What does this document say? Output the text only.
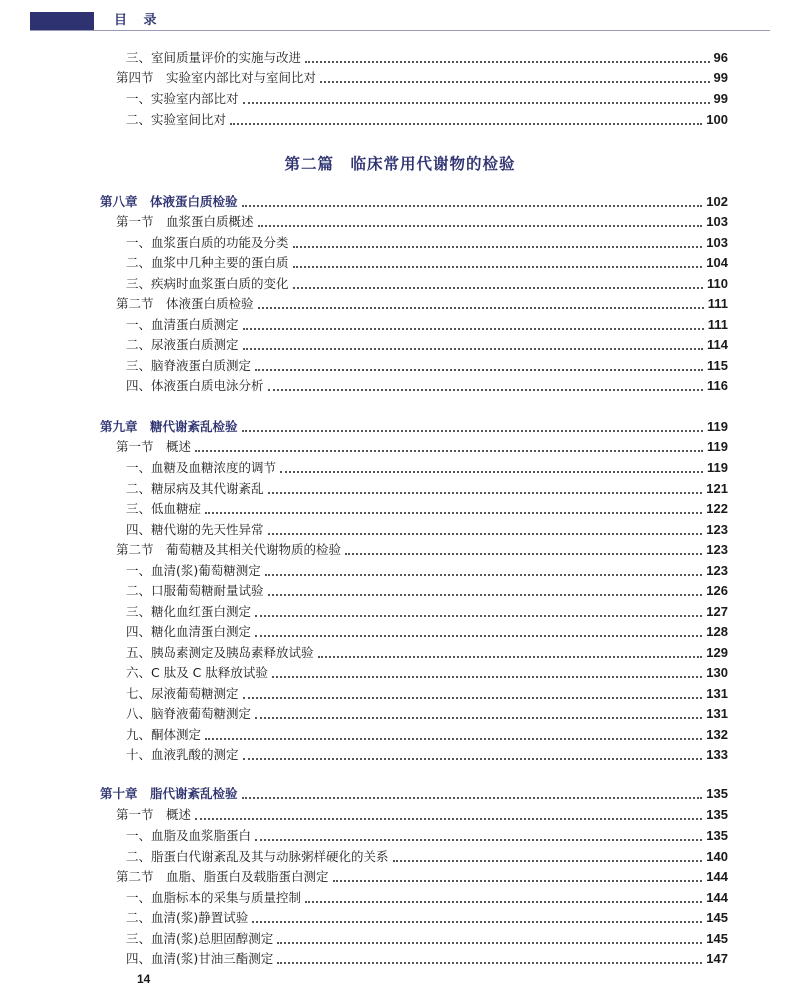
目 录
第二篇　临床常用代谢物的检验
三、室间质量评价的实施与改进	96
第四节　实验室内部比对与室间比对	99
一、实验室内部比对	99
二、实验室间比对	100
第八章　体液蛋白质检验	102
第一节　血浆蛋白质概述	103
一、血浆蛋白质的功能及分类	103
二、血浆中几种主要的蛋白质	104
三、疾病时血浆蛋白质的变化	110
第二节　体液蛋白质检验	111
一、血清蛋白质测定	111
二、尿液蛋白质测定	114
三、脑脊液蛋白质测定	115
四、体液蛋白质电泳分析	116
第九章　糖代谢紊乱检验	119
第一节　概述	119
一、血糖及血糖浓度的调节	119
二、糖尿病及其代谢紊乱	121
三、低血糖症	122
四、糖代谢的先天性异常	123
第二节　葡萄糖及其相关代谢物质的检验	123
一、血清(浆)葡萄糖测定	123
二、口服葡萄糖耐量试验	126
三、糖化血红蛋白测定	127
四、糖化血清蛋白测定	128
五、胰岛素测定及胰岛素释放试验	129
六、C 肽及 C 肽释放试验	130
七、尿液葡萄糖测定	131
八、脑脊液葡萄糖测定	131
九、酮体测定	132
十、血液乳酸的测定	133
第十章　脂代谢紊乱检验	135
第一节　概述	135
一、血脂及血浆脂蛋白	135
二、脂蛋白代谢紊乱及其与动脉粥样硬化的关系	140
第二节　血脂、脂蛋白及载脂蛋白测定	144
一、血脂标本的采集与质量控制	144
二、血清(浆)静置试验	145
三、血清(浆)总胆固醇测定	145
四、血清(浆)甘油三酯测定	147
14
